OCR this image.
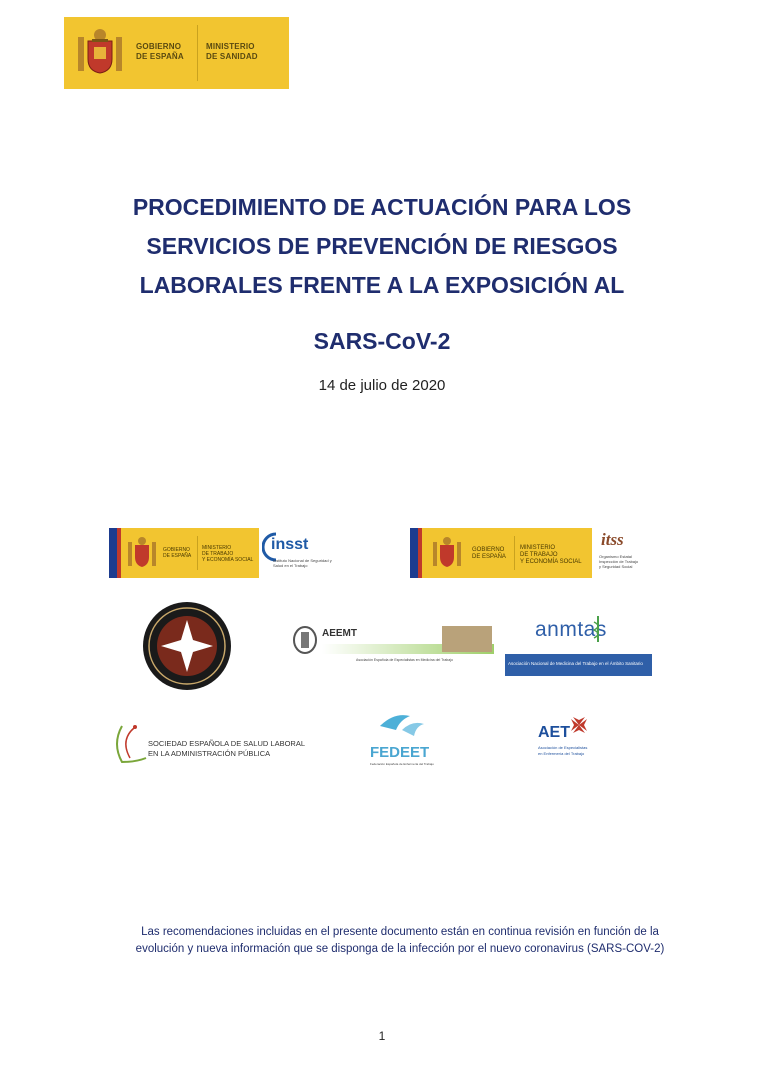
GOBIERNO
DE ESPAÑA
MINISTERIO
DE SANIDAD
PROCEDIMIENTO DE ACTUACIÓN PARA LOS
SERVICIOS DE PREVENCIÓN DE RIESGOS
LABORALES FRENTE A LA EXPOSICIÓN AL
SARS-CoV-2
14 de julio de 2020
GOBIERNO
DE ESPAÑA
MINISTERIO
DE TRABAJO
Y ECONOMÍA SOCIAL
insst
Instituto Nacional de Seguridad y Salud en el Trabajo
GOBIERNO
DE ESPAÑA
MINISTERIO
DE TRABAJO
Y ECONOMÍA SOCIAL
itss
Organismo Estatal Inspección de Trabajo y Seguridad Social
AEEMT
Asociación Española de Especialistas en Medicina del Trabajo
anmtas
Asociación Nacional de Medicina del Trabajo en el Ámbito Sanitario
SOCIEDAD ESPAÑOLA DE SALUD LABORAL
EN LA ADMINISTRACIÓN PÚBLICA	FEDEET
Federación Española de Enfermería del Trabajo
AET
Asociación de Especialistas
en Enfermería del Trabajo
Las recomendaciones incluidas en el presente documento están en continua revisión en función de la
evolución y nueva información que se disponga de la infección por el nuevo coronavirus (SARS-COV-2)
1
